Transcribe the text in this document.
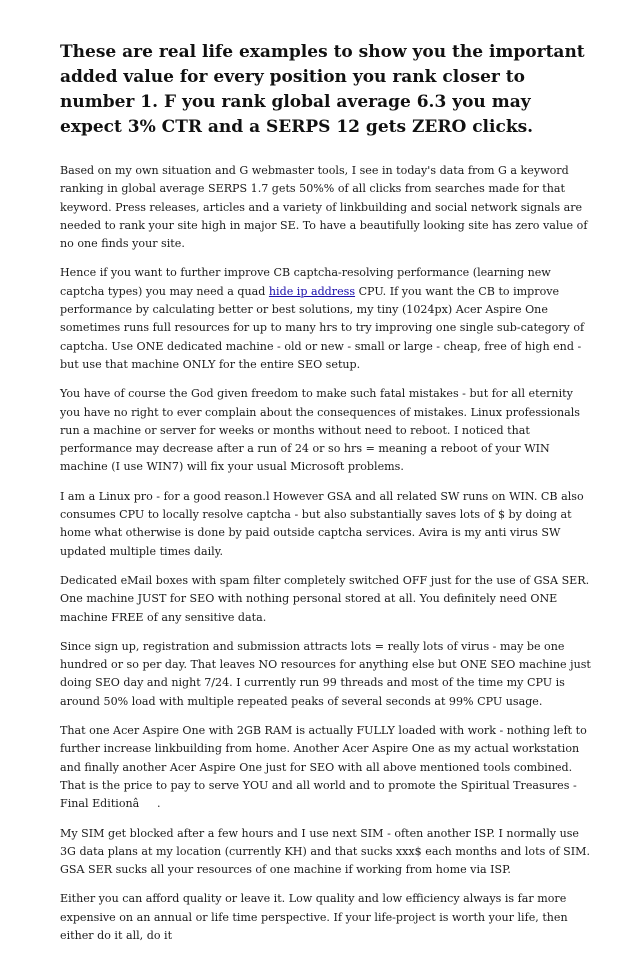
These are real life examples to show you the important added value for every position you rank closer to number 1. F you rank global average 6.3 you may expect 3% CTR and a SERPS 12 gets ZERO clicks.

Based on my own situation and G webmaster tools, I see in today's data from G a keyword ranking in global average SERPS 1.7 gets 50%% of all clicks from searches made for that keyword. Press releases, articles and a variety of linkbuilding and social network signals are needed to rank your site high in major SE. To have a beautifully looking site has zero value of no one finds your site.

Hence if you want to further improve CB captcha-resolving performance (learning new captcha types) you may need a quad hide ip address CPU. If you want the CB to improve performance by calculating better or best solutions, my tiny (1024px) Acer Aspire One sometimes runs full resources for up to many hrs to try improving one single sub-category of captcha. Use ONE dedicated machine - old or new - small or large - cheap, free of high end - but use that machine ONLY for the entire SEO setup.

You have of course the God given freedom to make such fatal mistakes - but for all eternity you have no right to ever complain about the consequences of mistakes. Linux professionals run a machine or server for weeks or months without need to reboot. I noticed that performance may decrease after a run of 24 or so hrs = meaning a reboot of your WIN machine (I use WIN7) will fix your usual Microsoft problems.

I am a Linux pro - for a good reason.l However GSA and all related SW runs on WIN. CB also consumes CPU to locally resolve captcha - but also substantially saves lots of $ by doing at home what otherwise is done by paid outside captcha services. Avira is my anti virus SW updated multiple times daily.

Dedicated eMail boxes with spam filter completely switched OFF just for the use of GSA SER. One machine JUST for SEO with nothing personal stored at all. You definitely need ONE machine FREE of any sensitive data.

Since sign up, registration and submission attracts lots = really lots of virus - may be one hundred or so per day. That leaves NO resources for anything else but ONE SEO machine just doing SEO day and night 7/24. I currently run 99 threads and most of the time my CPU is around 50% load with multiple repeated peaks of several seconds at 99% CPU usage.

That one Acer Aspire One with 2GB RAM is actually FULLY loaded with work - nothing left to further increase linkbuilding from home. Another Acer Aspire One as my actual workstation and finally another Acer Aspire One just for SEO with all above mentioned tools combined. That is the price to pay to serve YOU and all world and to promote the Spiritual Treasures - Final Editionâ.

My SIM get blocked after a few hours and I use next SIM - often another ISP. I normally use 3G data plans at my location (currently KH) and that sucks xxx$ each months and lots of SIM. GSA SER sucks all your resources of one machine if working from home via ISP.

Either you can afford quality or leave it. Low quality and low efficiency always is far more expensive on an annual or life time perspective. If your life-project is worth your life, then either do it all, do it
